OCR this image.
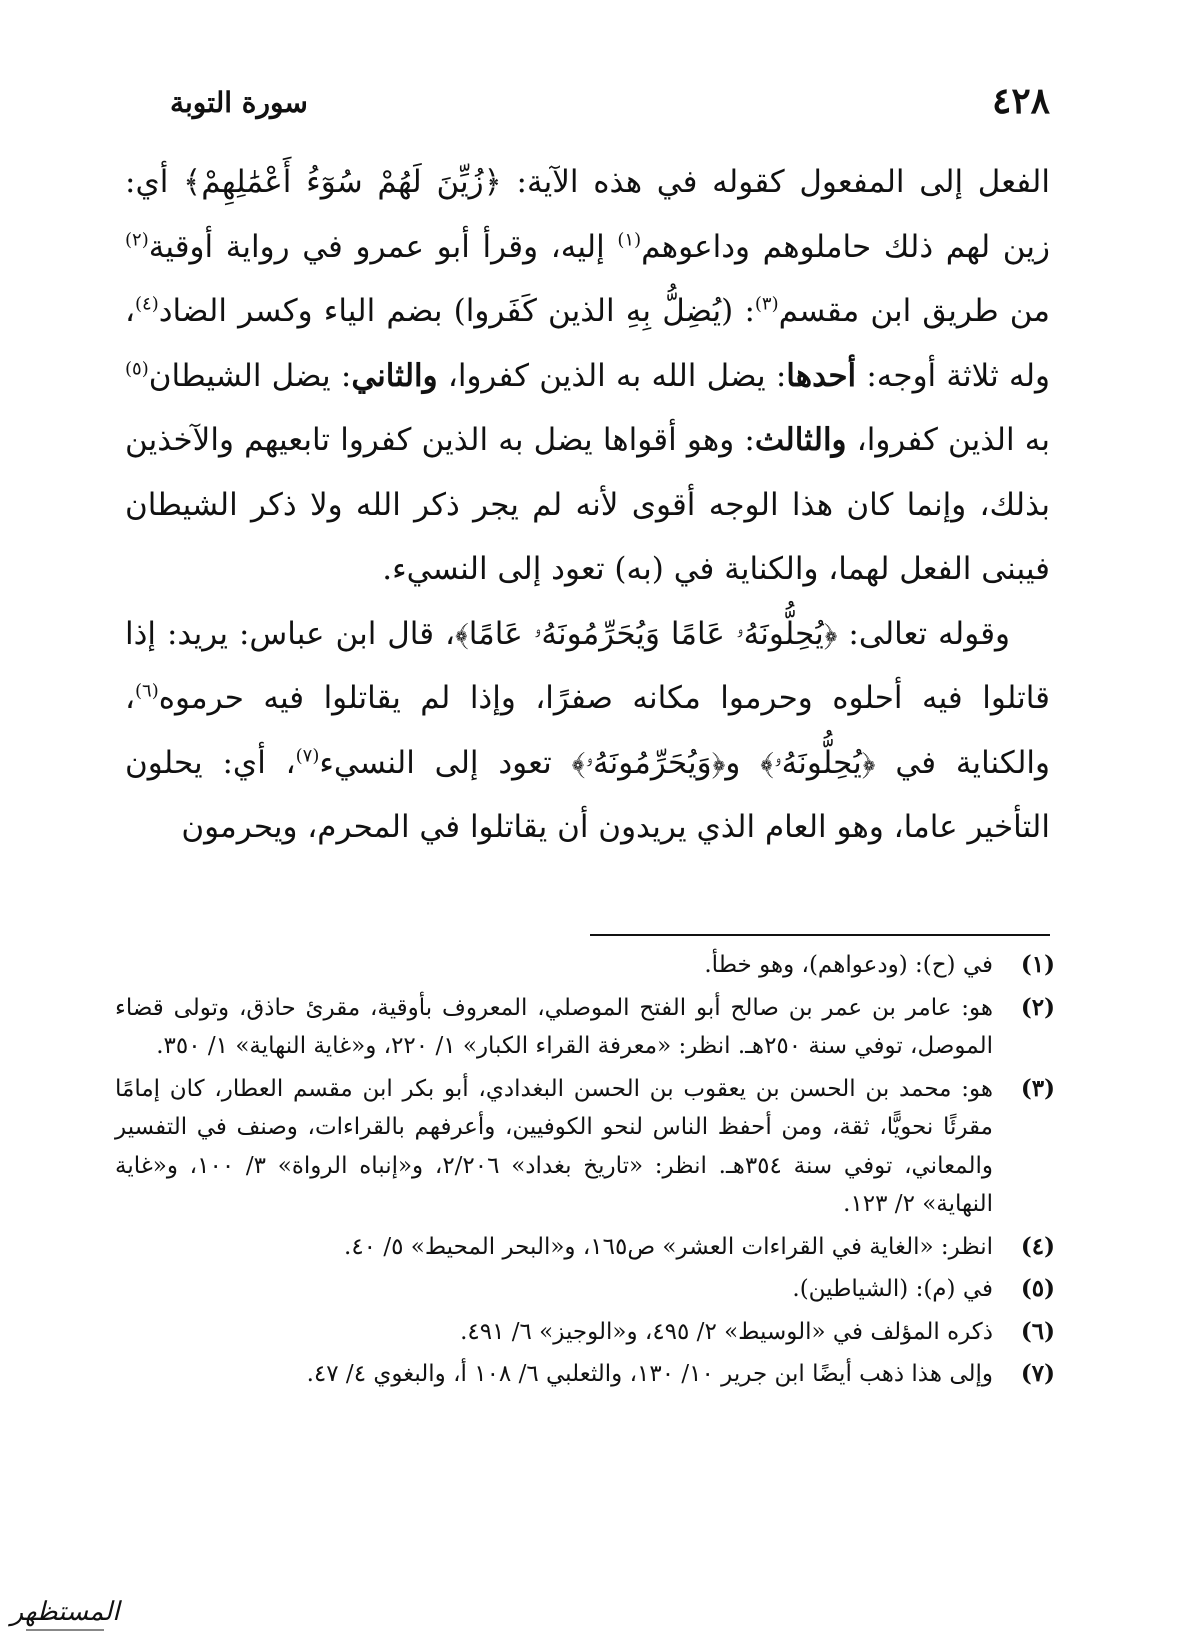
٤٢٨
سورة التوبة

الفعل إلى المفعول كقوله في هذه الآية: ﴿زُيِّنَ لَهُمْ سُوٓءُ أَعْمَٰلِهِمْ﴾ أي: زين لهم ذلك حاملوهم وداعوهم$^{(١)}$ إليه، وقرأ أبو عمرو في رواية أوقية$^{(٢)}$ من طريق ابن مقسم$^{(٣)}$: (يُضِلُّ بِهِ الذين كَفَروا) بضم الياء وكسر الضاد$^{(٤)}$، وله ثلاثة أوجه: أحدها: يضل الله به الذين كفروا، والثاني: يضل الشيطان$^{(٥)}$ به الذين كفروا، والثالث: وهو أقواها يضل به الذين كفروا تابعيهم والآخذين بذلك، وإنما كان هذا الوجه أقوى لأنه لم يجر ذكر الله ولا ذكر الشيطان فيبنى الفعل لهما، والكناية في (به) تعود إلى النسيء.

وقوله تعالى: ﴿يُحِلُّونَهُۥ عَامًا وَيُحَرِّمُونَهُۥ عَامًا﴾، قال ابن عباس: يريد: إذا قاتلوا فيه أحلوه وحرموا مكانه صفرًا، وإذا لم يقاتلوا فيه حرموه$^{(٦)}$، والكناية في ﴿يُحِلُّونَهُۥ﴾ و﴿وَيُحَرِّمُونَهُۥ﴾ تعود إلى النسيء$^{(٧)}$، أي: يحلون التأخير عاما، وهو العام الذي يريدون أن يقاتلوا في المحرم، ويحرمون

(١)
في (ح): (ودعواهم)، وهو خطأ.
(٢)
هو: عامر بن عمر بن صالح أبو الفتح الموصلي، المعروف بأوقية، مقرئ حاذق، وتولى قضاء الموصل، توفي سنة ٢٥٠هـ. انظر: «معرفة القراء الكبار» ١/ ٢٢٠، و«غاية النهاية» ١/ ٣٥٠.
(٣)
هو: محمد بن الحسن بن يعقوب بن الحسن البغدادي، أبو بكر ابن مقسم العطار، كان إمامًا مقرئًا نحويًّا، ثقة، ومن أحفظ الناس لنحو الكوفيين، وأعرفهم بالقراءات، وصنف في التفسير والمعاني، توفي سنة ٣٥٤هـ. انظر: «تاريخ بغداد» ٢/٢٠٦، و«إنباه الرواة» ٣/ ١٠٠، و«غاية النهاية» ٢/ ١٢٣.
(٤)
انظر: «الغاية في القراءات العشر» ص١٦٥، و«البحر المحيط» ٥/ ٤٠.
(٥)
في (م): (الشياطين).
(٦)
ذكره المؤلف في «الوسيط» ٢/ ٤٩٥، و«الوجيز» ٦/ ٤٩١.
(٧)
وإلى هذا ذهب أيضًا ابن جرير ١٠/ ١٣٠، والثعلبي ٦/ ١٠٨ أ، والبغوي ٤/ ٤٧.
المستظهر
